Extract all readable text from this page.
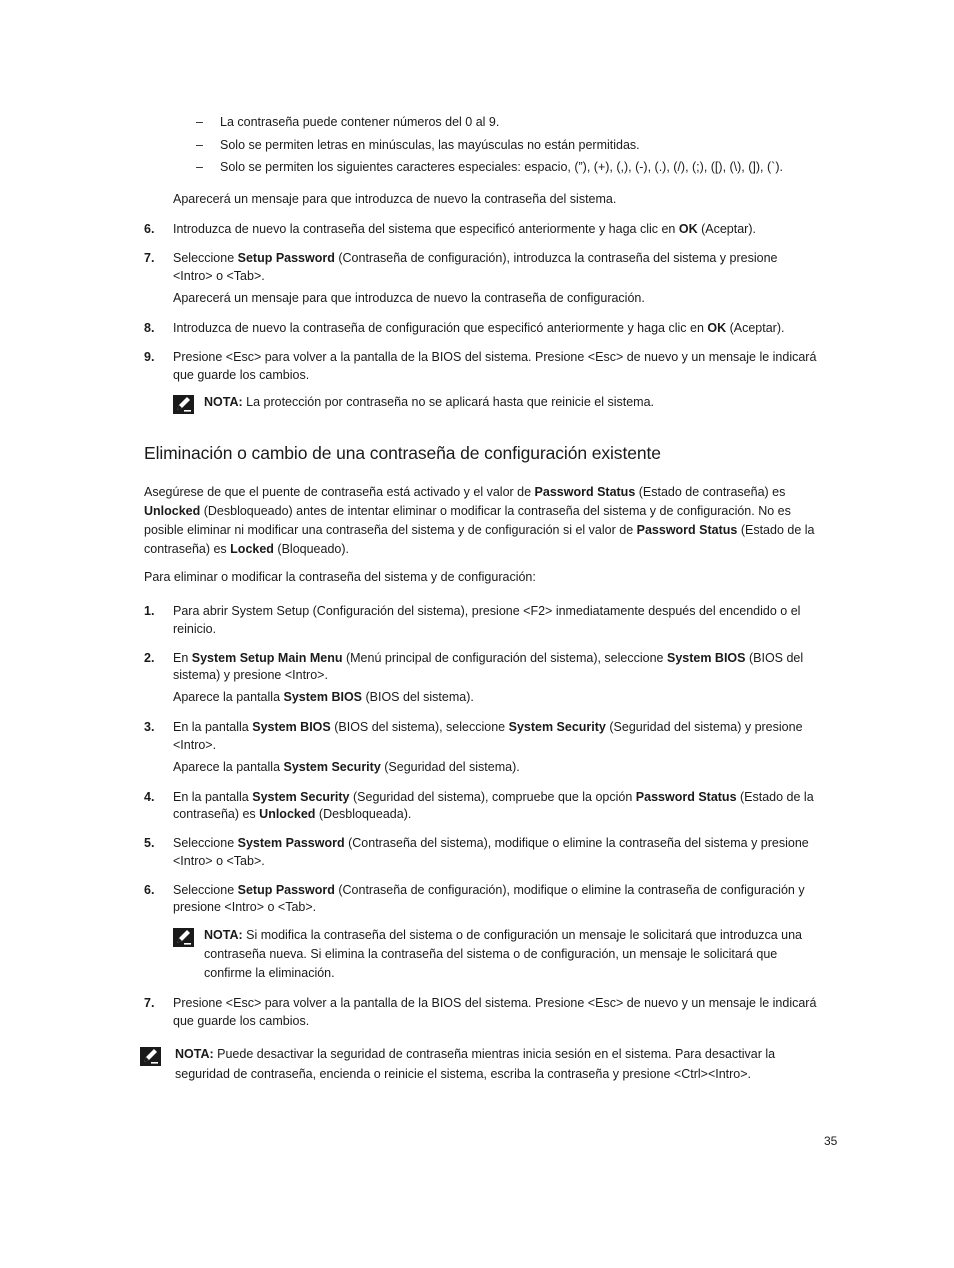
– La contraseña puede contener números del 0 al 9.
– Solo se permiten letras en minúsculas, las mayúsculas no están permitidas.
– Solo se permiten los siguientes caracteres especiales: espacio, (”), (+), (,), (-), (.), (/), (;), ([), (\), (]), (`).
Aparecerá un mensaje para que introduzca de nuevo la contraseña del sistema.
6. Introduzca de nuevo la contraseña del sistema que especificó anteriormente y haga clic en OK (Aceptar).
7. Seleccione Setup Password (Contraseña de configuración), introduzca la contraseña del sistema y presione
<Intro> o <Tab>.
Aparecerá un mensaje para que introduzca de nuevo la contraseña de configuración.
8. Introduzca de nuevo la contraseña de configuración que especificó anteriormente y haga clic en OK (Aceptar).
9. Presione <Esc> para volver a la pantalla de la BIOS del sistema. Presione <Esc> de nuevo y un mensaje le indicará
que guarde los cambios.
NOTA: La protección por contraseña no se aplicará hasta que reinicie el sistema.
Eliminación o cambio de una contraseña de configuración existente
Asegúrese de que el puente de contraseña está activado y el valor de Password Status (Estado de contraseña) es
Unlocked (Desbloqueado) antes de intentar eliminar o modificar la contraseña del sistema y de configuración. No es
posible eliminar ni modificar una contraseña del sistema y de configuración si el valor de Password Status (Estado de la
contraseña) es Locked (Bloqueado).
Para eliminar o modificar la contraseña del sistema y de configuración:
1. Para abrir System Setup (Configuración del sistema), presione <F2> inmediatamente después del encendido o el
reinicio.
2. En System Setup Main Menu (Menú principal de configuración del sistema), seleccione System BIOS (BIOS del
sistema) y presione <Intro>.
Aparece la pantalla System BIOS (BIOS del sistema).
3. En la pantalla System BIOS (BIOS del sistema), seleccione System Security (Seguridad del sistema) y presione
<Intro>.
Aparece la pantalla System Security (Seguridad del sistema).
4. En la pantalla System Security (Seguridad del sistema), compruebe que la opción Password Status (Estado de la
contraseña) es Unlocked (Desbloqueada).
5. Seleccione System Password (Contraseña del sistema), modifique o elimine la contraseña del sistema y presione
<Intro> o <Tab>.
6. Seleccione Setup Password (Contraseña de configuración), modifique o elimine la contraseña de configuración y
presione <Intro> o <Tab>.
NOTA: Si modifica la contraseña del sistema o de configuración un mensaje le solicitará que introduzca una
contraseña nueva. Si elimina la contraseña del sistema o de configuración, un mensaje le solicitará que
confirme la eliminación.
7. Presione <Esc> para volver a la pantalla de la BIOS del sistema. Presione <Esc> de nuevo y un mensaje le indicará
que guarde los cambios.
NOTA: Puede desactivar la seguridad de contraseña mientras inicia sesión en el sistema. Para desactivar la
seguridad de contraseña, encienda o reinicie el sistema, escriba la contraseña y presione <Ctrl><Intro>.
35
